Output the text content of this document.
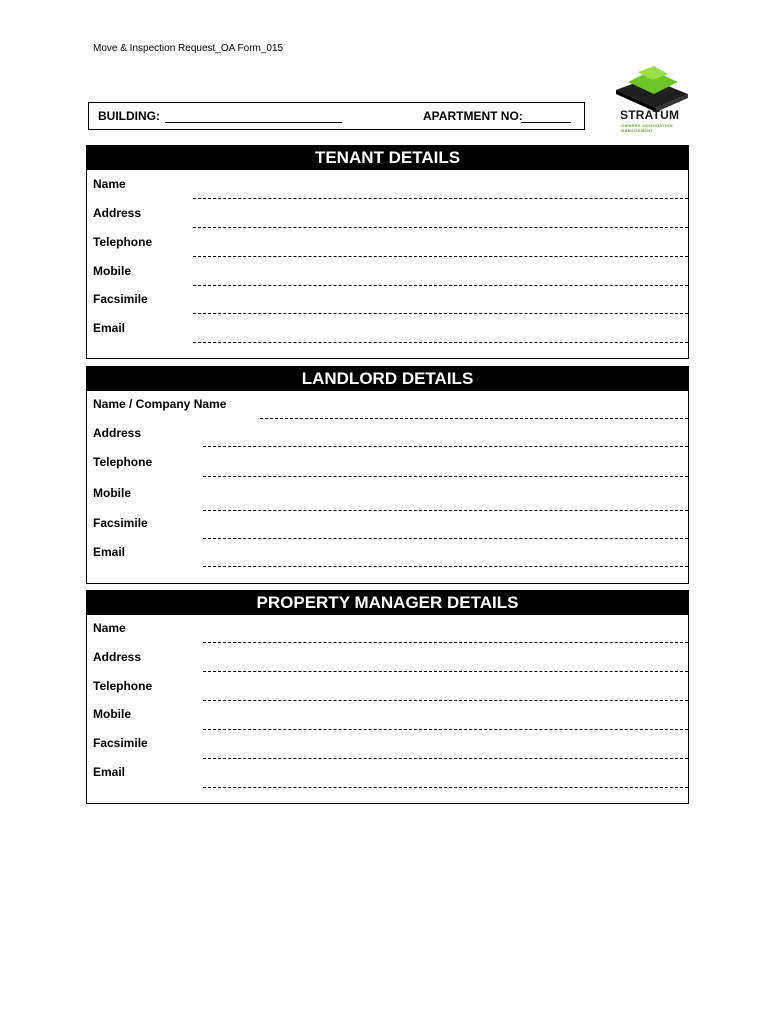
Move & Inspection Request_OA Form_015
BUILDING:	APARTMENT NO:	STRATUM
OWNERS ASSOCIATION MANAGEMENT
TENANT DETAILS
Name
Address
Telephone
Mobile
Facsimile
Email
LANDLORD DETAILS
Name / Company Name
Address
Telephone
Mobile
Facsimile
Email
PROPERTY MANAGER DETAILS
Name
Address
Telephone
Mobile
Facsimile
Email
